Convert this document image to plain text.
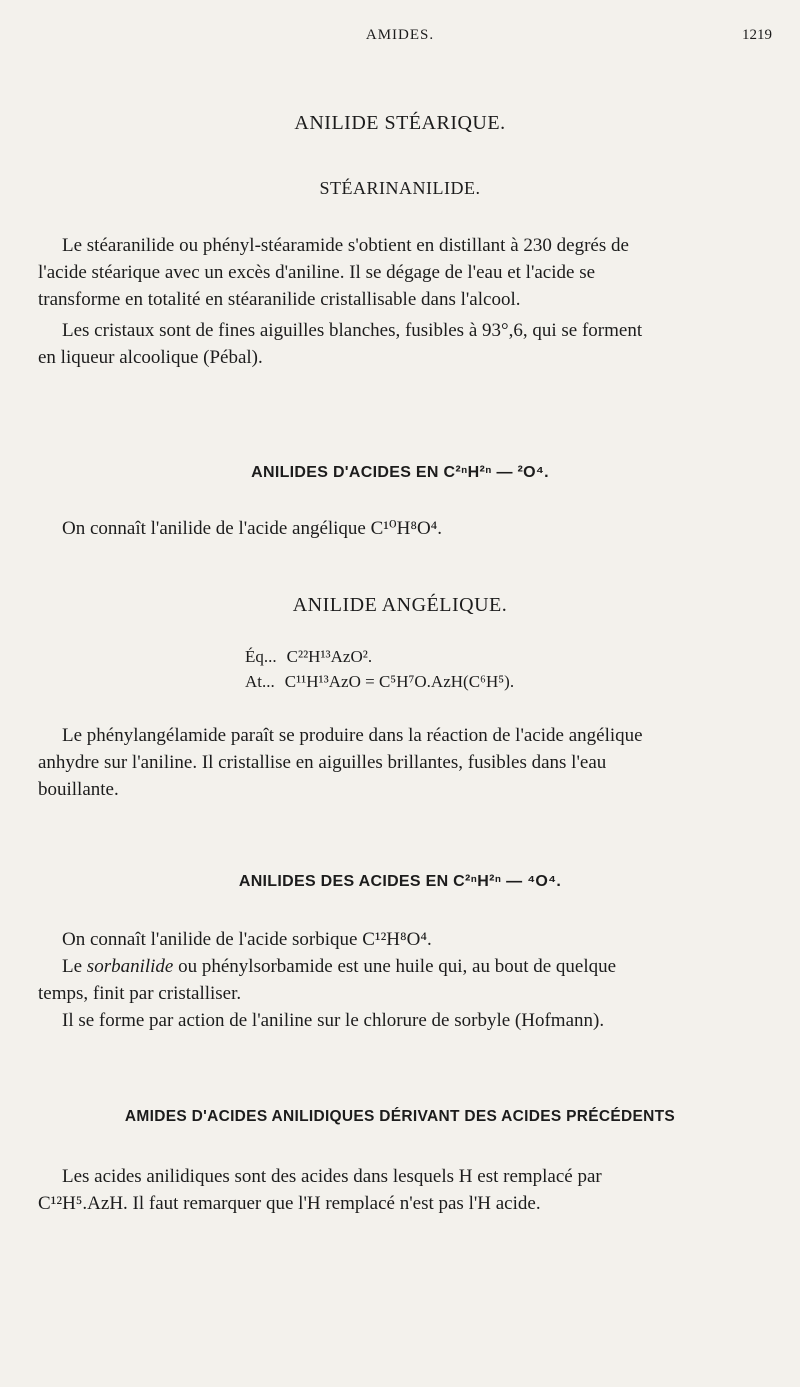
AMIDES.	1219
ANILIDE STÉARIQUE.
STÉARINANILIDE.
Le stéaranilide ou phényl-stéaramide s'obtient en distillant à 230 degrés de
l'acide stéarique avec un excès d'aniline. Il se dégage de l'eau et l'acide se
transforme en totalité en stéaranilide cristallisable dans l'alcool.
Les cristaux sont de fines aiguilles blanches, fusibles à 93°,6, qui se forment
en liqueur alcoolique (Pébal).
ANILIDES D'ACIDES EN C²ⁿH²ⁿ — ²O⁴.
On connaît l'anilide de l'acide angélique C¹⁰H⁸O⁴.
ANILIDE ANGÉLIQUE.
Éq... C²²H¹³AzO².
At... C¹¹H¹³AzO = C⁵H⁷O.AzH(C⁶H⁵).
Le phénylangélamide paraît se produire dans la réaction de l'acide angélique
anhydre sur l'aniline. Il cristallise en aiguilles brillantes, fusibles dans l'eau
bouillante.
ANILIDES DES ACIDES EN C²ⁿH²ⁿ — ⁴O⁴.
On connaît l'anilide de l'acide sorbique C¹²H⁸O⁴.
Le sorbanilide ou phénylsorbamide est une huile qui, au bout de quelque
temps, finit par cristalliser.
Il se forme par action de l'aniline sur le chlorure de sorbyle (Hofmann).
AMIDES D'ACIDES ANILIDIQUES DÉRIVANT DES ACIDES PRÉCÉDENTS
Les acides anilidiques sont des acides dans lesquels H est remplacé par
C¹²H⁵.AzH. Il faut remarquer que l'H remplacé n'est pas l'H acide.
